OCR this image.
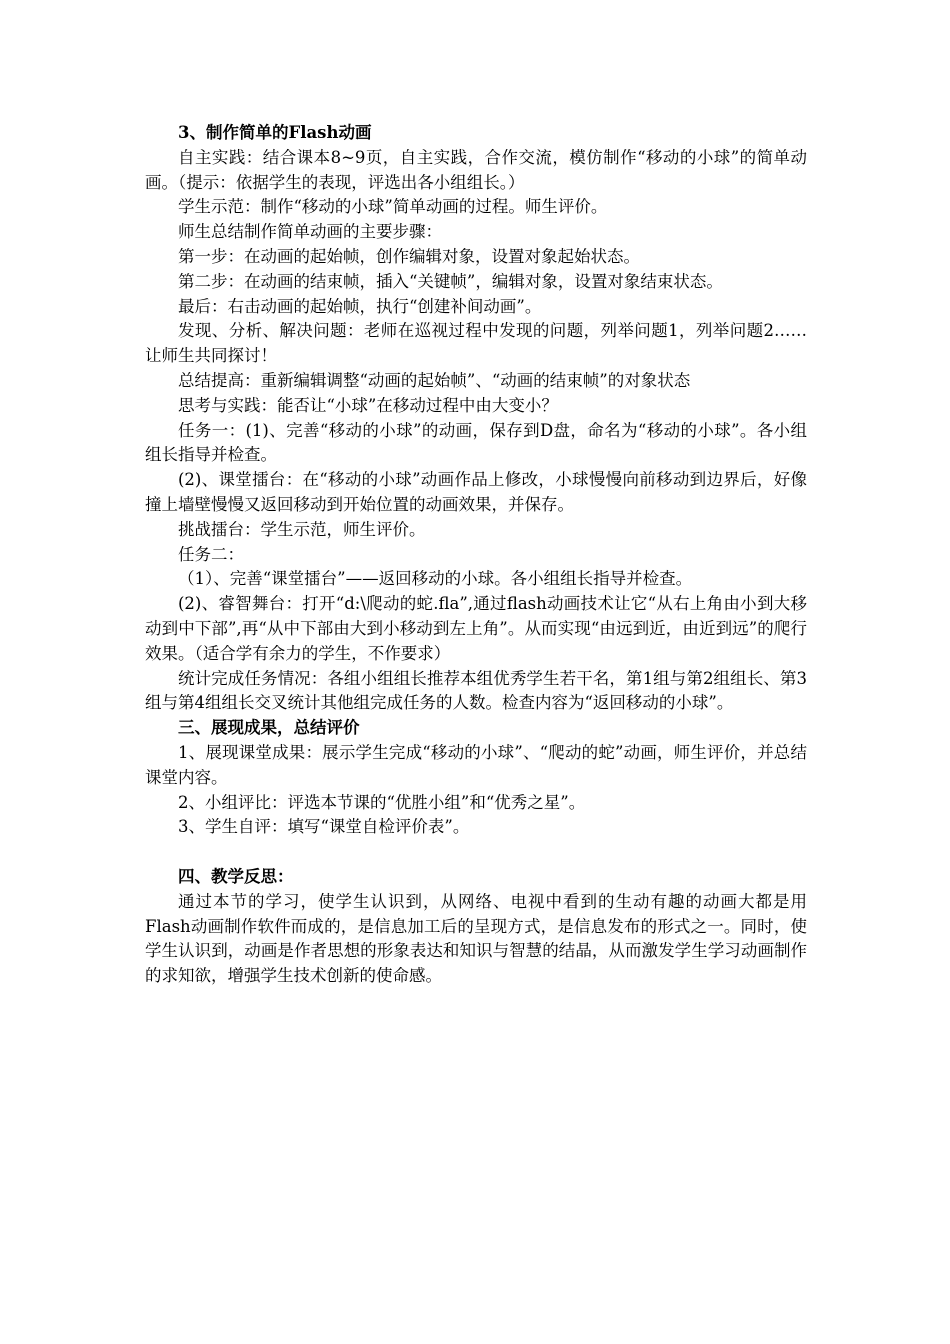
3、制作简单的Flash动画

自主实践：结合课本8~9页，自主实践，合作交流，模仿制作“移动的小球”的简单动画。（提示：依据学生的表现，评选出各小组组长。）

学生示范：制作“移动的小球”简单动画的过程。师生评价。

师生总结制作简单动画的主要步骤：

第一步：在动画的起始帧，创作编辑对象，设置对象起始状态。

第二步：在动画的结束帧，插入“关键帧”，编辑对象，设置对象结束状态。

最后：右击动画的起始帧，执行“创建补间动画”。

发现、分析、解决问题：老师在巡视过程中发现的问题，列举问题1，列举问题2……让师生共同探讨！

总结提高：重新编辑调整“动画的起始帧”、“动画的结束帧”的对象状态

思考与实践：能否让“小球”在移动过程中由大变小？

任务一：(1)、完善“移动的小球”的动画，保存到D盘，命名为“移动的小球”。各小组组长指导并检查。

(2)、课堂擂台：在“移动的小球”动画作品上修改，小球慢慢向前移动到边界后，好像撞上墙壁慢慢又返回移动到开始位置的动画效果，并保存。

挑战擂台：学生示范，师生评价。

任务二：

（1）、完善“课堂擂台”——返回移动的小球。各小组组长指导并检查。

(2)、睿智舞台：打开“d:\爬动的蛇.fla”,通过flash动画技术让它“从右上角由小到大移动到中下部”,再“从中下部由大到小移动到左上角”。从而实现“由远到近，由近到远”的爬行效果。（适合学有余力的学生，不作要求）

统计完成任务情况：各组小组组长推荐本组优秀学生若干名，第1组与第2组组长、第3组与第4组组长交叉统计其他组完成任务的人数。检查内容为“返回移动的小球”。

三、展现成果，总结评价

1、展现课堂成果：展示学生完成“移动的小球”、“爬动的蛇”动画，师生评价，并总结课堂内容。

2、小组评比：评选本节课的“优胜小组”和“优秀之星”。

3、学生自评：填写“课堂自检评价表”。

四、教学反思：

通过本节的学习，使学生认识到，从网络、电视中看到的生动有趣的动画大都是用Flash动画制作软件而成的，是信息加工后的呈现方式，是信息发布的形式之一。同时，使学生认识到，动画是作者思想的形象表达和知识与智慧的结晶，从而激发学生学习动画制作的求知欲，增强学生技术创新的使命感。
